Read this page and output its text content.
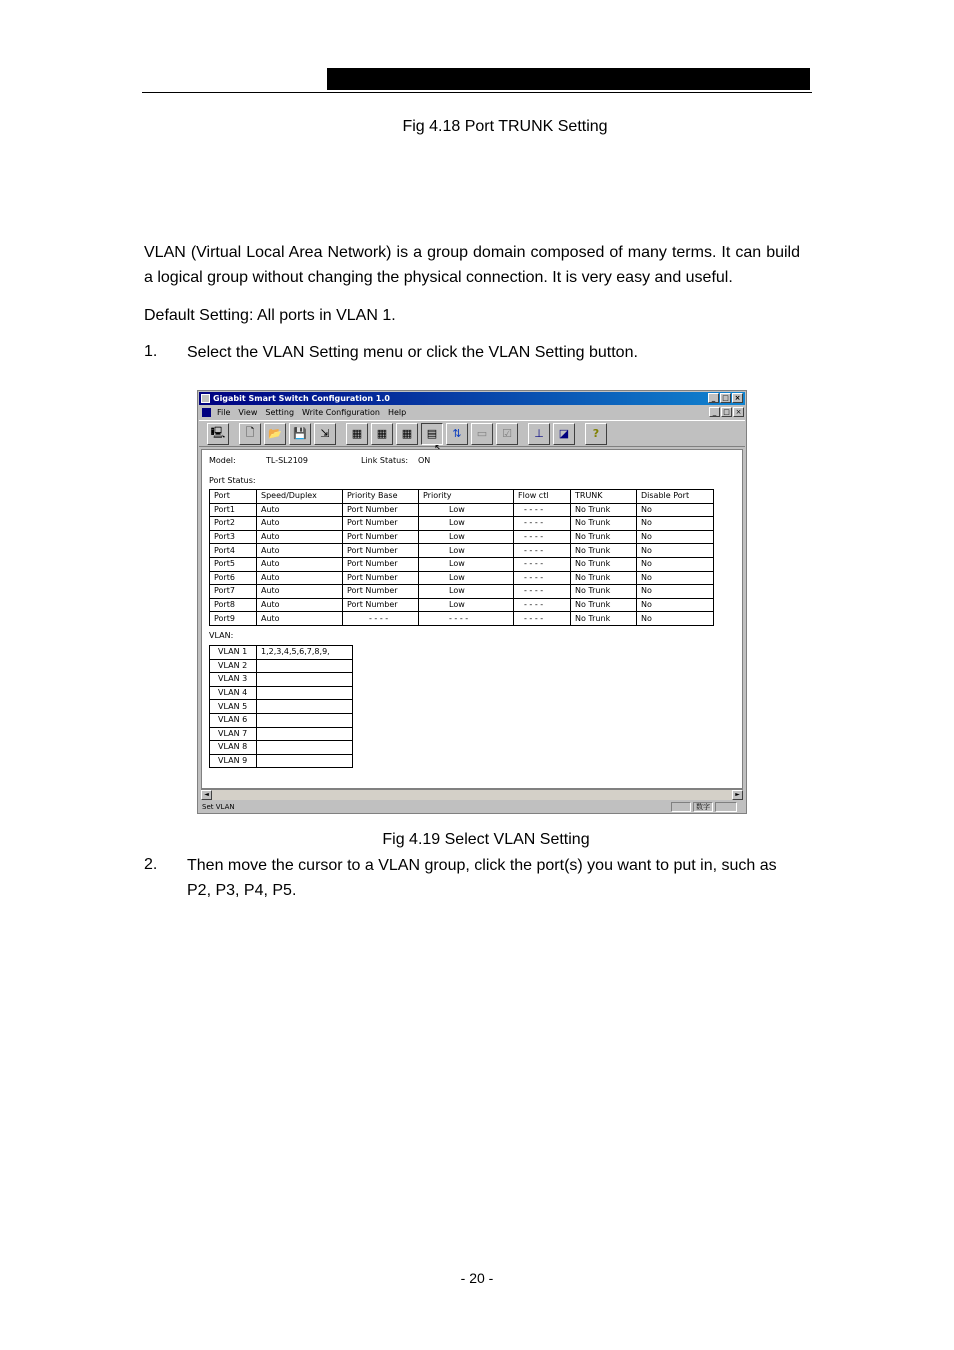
Fig 4.18 Port TRUNK Setting
VLAN (Virtual Local Area Network) is a group domain composed of many terms. It can build a logical group without changing the physical connection. It is very easy and useful.
Default Setting: All ports in VLAN 1.
1. Select the VLAN Setting menu or click the VLAN Setting button.
Gigabit Smart Switch Configuration 1.0	_ □ ×
File View Setting Write Configuration Help	_ □ ×
🖳	🗋	📂	💾	⇲	▦	▦	▦	▤	⇅	▭	☑	⊥	◪	?
Model:	TL-SL2109	Link Status: ON
Port Status:
Port	Speed/Duplex	Priority Base	Priority	Flow ctl	TRUNK	Disable Port
Port1	Auto	Port Number	Low	- - - -	No Trunk	No
Port2	Auto	Port Number	Low	- - - -	No Trunk	No
Port3	Auto	Port Number	Low	- - - -	No Trunk	No
Port4	Auto	Port Number	Low	- - - -	No Trunk	No
Port5	Auto	Port Number	Low	- - - -	No Trunk	No
Port6	Auto	Port Number	Low	- - - -	No Trunk	No
Port7	Auto	Port Number	Low	- - - -	No Trunk	No
Port8	Auto	Port Number	Low	- - - -	No Trunk	No
Port9	Auto	- - - -	- - - -	- - - -	No Trunk	No
VLAN:
VLAN 1	1,2,3,4,5,6,7,8,9,
VLAN 2	
VLAN 3	
VLAN 4	
VLAN 5	
VLAN 6	
VLAN 7	
VLAN 8	
VLAN 9	
◄	►
Set VLAN	数字
Fig 4.19 Select VLAN Setting
2. Then move the cursor to a VLAN group, click the port(s) you want to put in, such as P2, P3, P4, P5.
- 20 -
